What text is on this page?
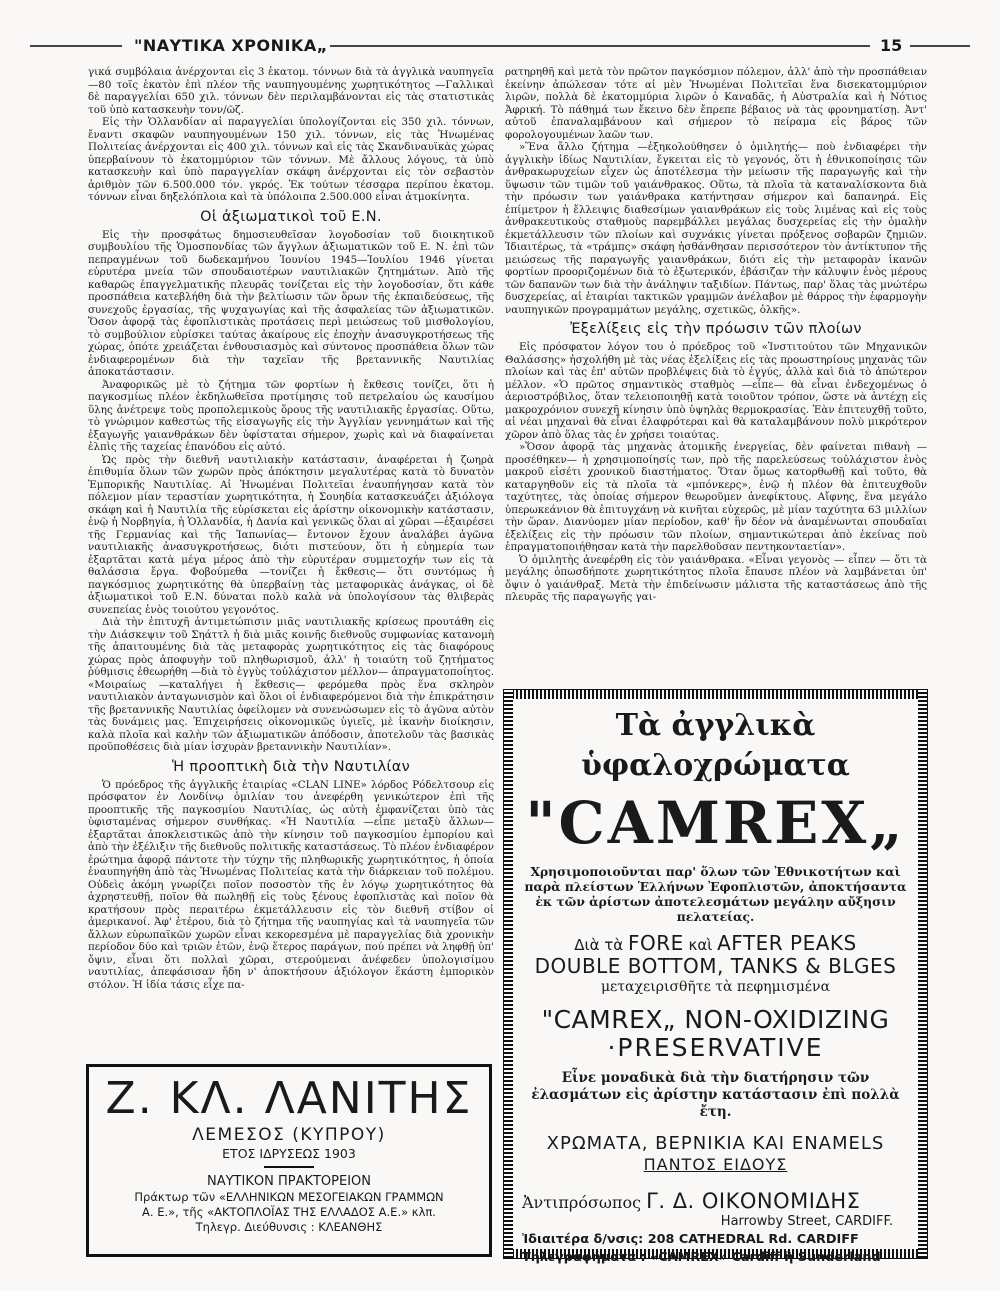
"ΝΑΥΤΙΚΑ ΧΡΟΝΙΚΑ„	15

γικά συμβόλαια ἀνέρχονται εἰς 3 ἑκατομ. τόννων διὰ τὰ ἀγγλικὰ ναυπηγεῖα —80 τοῖς ἑκατὸν ἐπὶ πλέον τῆς ναυπηγουμένης χωρητικότητος —Γαλλικαὶ δὲ παραγγελίαι 650 χιλ. τόννων δὲν περιλαμβάνονται εἰς τὰς στατιστικὰς τοῦ ὑπὸ κατασκευὴν τονν/ῶζ.

Εἰς τὴν Ὁλλανδίαν αἱ παραγγελίαι ὑπολογίζονται εἰς 350 χιλ. τόννων, ἔναντι σκαφῶν ναυπηγουμένων 150 χιλ. τόννων, εἰς τὰς Ἡνωμένας Πολιτείας ἀνέρχονται εἰς 400 χιλ. τόννων καὶ εἰς τὰς Σκανδιναυϊκὰς χώρας ὑπερβαίνουν τὸ ἑκατομμύριον τῶν τόννων. Μὲ ἄλλους λόγους, τὰ ὑπὸ κατασκευὴν καὶ ὑπὸ παραγγελίαν σκάφη ἀνέρχονται εἰς τὸν σεβαστὸν ἀριθμὸν τῶν 6.500.000 τόν. γκρός. Ἐκ τούτων τέσσαρα περίπου ἑκατομ. τόννων εἶναι δηξελόπλοια καὶ τὰ ὑπόλοιπα 2.500.000 εἶναι ἀτμοκίνητα.

Οἱ ἀξιωματικοὶ τοῦ Ε.Ν.

Εἰς τὴν προσφάτως δημοσιευθεῖσαν λογοδοσίαν τοῦ διοικητικοῦ συμβουλίου τῆς Ὁμοσπονδίας τῶν ἄγγλων ἀξιωματικῶν τοῦ Ε. Ν. ἐπὶ τῶν πεπραγμένων τοῦ δωδεκαμήνου Ἰουνίου 1945—Ἰουλίου 1946 γίνεται εὐρυτέρα μνεία τῶν σπουδαιοτέρων ναυτιλιακῶν ζητημάτων. Ἀπὸ τῆς καθαρῶς ἐπαγγελματικῆς πλευρᾶς τονίζεται εἰς τὴν λογοδοσίαν, ὅτι κάθε προσπάθεια κατεβλήθη διὰ τὴν βελτίωσιν τῶν ὅρων τῆς ἐκπαιδεύσεως, τῆς συνεχοῦς ἐργασίας, τῆς ψυχαγωγίας καὶ τῆς ἀσφαλείας τῶν ἀξιωματικῶν. Ὅσον ἀφορᾷ τὰς ἐφοπλιστικὰς προτάσεις περὶ μειώσεως τοῦ μισθολογίου, τὸ συμβούλιον εὑρίσκει ταύτας ἀκαίρους εἰς ἐποχὴν ἀνασυγκροτήσεως τῆς χώρας, ὁπότε χρειάζεται ἐνθουσιασμὸς καὶ σύντονος προσπάθεια ὅλων τῶν ἐνδιαφερομένων διὰ τὴν ταχεῖαν τῆς βρεταννικῆς Ναυτιλίας ἀποκατάστασιν.

Ἀναφορικῶς μὲ τὸ ζήτημα τῶν φορτίων ἡ ἔκθεσις τονίζει, ὅτι ἡ παγκοσμίως πλέον ἐκδηλωθεῖσα προτίμησις τοῦ πετρελαίου ὡς καυσίμου ὕλης ἀνέτρεψε τοὺς προπολεμικοὺς ὅρους τῆς ναυτιλιακῆς ἐργασίας. Οὕτω, τὸ γνώριμον καθεστὼς τῆς εἰσαγωγῆς εἰς τὴν Ἀγγλίαν γεννημάτων καὶ τῆς ἐξαγωγῆς γαιανθράκων δὲν ὑφίσταται σήμερον, χωρὶς καὶ νὰ διαφαίνεται ἐλπὶς τῆς ταχείας ἐπανόδου εἰς αὐτό.

Ὡς πρὸς τὴν διεθνῆ ναυτιλιακὴν κατάστασιν, ἀναφέρεται ἡ ζωηρὰ ἐπιθυμία ὅλων τῶν χωρῶν πρὸς ἀπόκτησιν μεγαλυτέρας κατὰ τὸ δυνατὸν Ἐμπορικῆς Ναυτιλίας. Αἱ Ἡνωμέναι Πολιτεῖαι ἐναυπήγησαν κατὰ τὸν πόλεμον μίαν τεραστίαν χωρητικότητα, ἡ Σουηδία κατασκευάζει ἀξιόλογα σκάφη καὶ ἡ Ναυτιλία τῆς εὑρίσκεται εἰς ἀρίστην οἰκονομικὴν κατάστασιν, ἐνῷ ἡ Νορβηγία, ἡ Ὁλλανδία, ἡ Δανία καὶ γενικῶς ὅλαι αἱ χῶραι —ἐξαιρέσει τῆς Γερμανίας καὶ τῆς Ἰαπωνίας— ἔντονον ἔχουν ἀναλάβει ἀγῶνα ναυτιλιακῆς ἀνασυγκροτήσεως, διότι πιστεύουν, ὅτι ἡ εὐημερία των ἐξαρτᾶται κατὰ μέγα μέρος ἀπὸ τὴν εὐρυτέραν συμμετοχήν των εἰς τὰ θαλάσσια ἔργα. Φοβούμεθα —τονίζει ἡ ἔκθεσις— ὅτι συντόμως ἡ παγκόσμιος χωρητικότης θὰ ὑπερβαίνῃ τὰς μεταφορικὰς ἀνάγκας, οἱ δὲ ἀξιωματικοὶ τοῦ Ε.Ν. δύναται πολὺ καλὰ νὰ ὑπολογίσουν τὰς θλιβερὰς συνεπείας ἑνὸς τοιούτου γεγονότος.

Διὰ τὴν ἐπιτυχῆ ἀντιμετώπισιν μιᾶς ναυτιλιακῆς κρίσεως προυτάθη εἰς τὴν Διάσκεψιν τοῦ Σηάττλ ἡ διὰ μιᾶς κοινῆς διεθνοῦς συμφωνίας κατανομὴ τῆς ἀπαιτουμένης διὰ τὰς μεταφορὰς χωρητικότητος εἰς τὰς διαφόρους χώρας πρὸς ἀποφυγὴν τοῦ πληθωρισμοῦ, ἀλλ' ἡ τοιαύτη τοῦ ζητήματος ῥύθμισις ἐθεωρήθη —διὰ τὸ ἐγγὺς τοὐλάχιστον μέλλον— ἀπραγματοποίητος. «Μοιραίως —καταλήγει ἡ ἔκθεσις— φερόμεθα πρὸς ἕνα σκληρὸν ναυτιλιακὸν ἀνταγωνισμὸν καὶ ὅλοι οἱ ἐνδιαφερόμενοι διὰ τὴν ἐπικράτησιν τῆς βρεταννικῆς Ναυτιλίας ὀφείλομεν νὰ συνενώσωμεν εἰς τὸ ἀγῶνα αὐτὸν τὰς δυνάμεις μας. Ἐπιχειρήσεις οἰκονομικῶς ὑγιεῖς, μὲ ἱκανὴν διοίκησιν, καλὰ πλοῖα καὶ καλὴν τῶν ἀξιωματικῶν ἀπόδοσιν, ἀποτελοῦν τὰς βασικὰς προϋποθέσεις διὰ μίαν ἰσχυρὰν βρεταννικὴν Ναυτιλίαν».

Ἡ προοπτικὴ διὰ τὴν Ναυτιλίαν

Ὁ πρόεδρος τῆς ἀγγλικῆς ἑταιρίας «CLAN LINE» λόρδος Ρόδελτσουρ εἰς πρόσφατον ἐν Λονδίνῳ ὁμιλίαν του ἀνεφέρθη γενικώτερον ἐπὶ τῆς προοπτικῆς τῆς παγκοσμίου Ναυτιλίας, ὡς αὐτὴ ἐμφανίζεται ὑπὸ τὰς ὑφισταμένας σήμερον συνθήκας. «Ἡ Ναυτιλία —εἶπε μεταξὺ ἄλλων— ἐξαρτᾶται ἀποκλειστικῶς ἀπὸ τὴν κίνησιν τοῦ παγκοσμίου ἐμπορίου καὶ ἀπὸ τὴν ἐξέλιξιν τῆς διεθνοῦς πολιτικῆς καταστάσεως. Τὸ πλέον ἐνδιαφέρον ἐρώτημα ἀφορᾷ πάντοτε τὴν τύχην τῆς πληθωρικῆς χωρητικότητος, ἡ ὁποία ἐναυπηγήθη ἀπὸ τὰς Ἡνωμένας Πολιτείας κατὰ τὴν διάρκειαν τοῦ πολέμου. Οὐδεὶς ἀκόμη γνωρίζει ποῖον ποσοστὸν τῆς ἐν λόγῳ χωρητικότητος θὰ ἀχρηστευθῇ, ποῖον θὰ πωληθῇ εἰς τοὺς ξένους ἐφοπλιστὰς καὶ ποῖον θὰ κρατήσουν πρὸς περαιτέρω ἐκμετάλλευσιν εἰς τὸν διεθνῆ στίβον οἱ ἀμερικανοί. Ἀφ' ἑτέρου, διὰ τὸ ζήτημα τῆς ναυπηγίας καὶ τὰ ναυπηγεῖα τῶν ἄλλων εὑρωπαϊκῶν χωρῶν εἶναι κεκορεσμένα μὲ παραγγελίας διὰ χρονικὴν περίοδον δύο καὶ τριῶν ἐτῶν, ἐνῷ ἕτερος παράγων, πού πρέπει νὰ ληφθῇ ὑπ' ὄψιν, εἶναι ὅτι πολλαὶ χῶραι, στερούμεναι ἀνέφεδεν ὑπολογισίμου ναυτιλίας, ἀπεφάσισαν ἤδη ν' ἀποκτήσουν ἀξιόλογον ἕκάστη ἐμπορικὸν στόλον. Ἡ ἰδία τάσις εἶχε πα-

ρατηρηθῆ καὶ μετὰ τὸν πρῶτον παγκόσμιον πόλεμον, ἀλλ' ἀπὸ τὴν προσπάθειαν ἐκείνην ἀπώλεσαν τότε αἱ μὲν Ἡνωμέναι Πολιτεῖαι ἕνα δισεκατομμύριον λιρῶν, πολλὰ δὲ ἑκατομμύρια λιρῶν ὁ Καναδᾶς, ἡ Αὐστραλία καὶ ἡ Νότιος Ἀφρική. Τὸ πάθημά των ἔκεινο δὲν ἔπρεπε βέβαιος νὰ τὰς φρονηματίσῃ. Ἀντ' αὐτοῦ ἐπαναλαμβάνουν καὶ σήμερον τὸ πείραμα εἰς βάρος τῶν φορολογουμένων λαῶν των.

»Ἕνα ἄλλο ζήτημα —ἐξηκολούθησεν ὁ ὁμιλητής— ποὺ ἐνδιαφέρει τὴν ἀγγλικὴν ἰδίως Ναυτιλίαν, ἔγκειται εἰς τὸ γεγονός, ὅτι ἡ ἐθνικοποίησις τῶν ἀνθρακωρυχείων εἶχεν ὡς ἀποτέλεσμα τὴν μείωσιν τῆς παραγωγῆς καὶ τὴν ὕψωσιν τῶν τιμῶν τοῦ γαιάνθρακος. Οὕτω, τὰ πλοῖα τὰ καταναλίσκοντα διὰ τὴν πρόωσιν των γαιάνθρακα κατήντησαν σήμερον καὶ δαπανηρά. Εἰς ἐπίμετρον ἡ ἔλλειψις διαθεσίμων γαιανθράκων εἰς τοὺς λιμένας καὶ εἰς τοὺς ἀνθρακευτικοὺς σταθμοὺς παρεμβάλλει μεγάλας δυσχερείας εἰς τὴν ὁμαλὴν ἐκμετάλλευσιν τῶν πλοίων καὶ συχνάκις γίνεται πρόξενος σοβαρῶν ζημιῶν. Ἰδιαιτέρως, τὰ «τράμπς» σκάφη ἠσθάνθησαν περισσότερον τὸν ἀντίκτυπον τῆς μειώσεως τῆς παραγωγῆς γαιανθράκων, διότι εἰς τὴν μεταφορὰν ἱκανῶν φορτίων προοριζομένων διὰ τὸ ἐξωτερικόν, ἐβάσιζαν τὴν κάλυψιν ἑνὸς μέρους τῶν δαπανῶν των διὰ τὴν ἀνάληψιν ταξιδίων. Πάντως, παρ' ὅλας τὰς μνώτέρω δυσχερείας, αἱ ἑταιρίαι τακτικῶν γραμμῶν ἀνέλαβον μὲ θάρρος τὴν ἐφαρμογὴν ναυπηγικῶν προγραμμάτων μεγάλης, σχετικῶς, ὁλκῆς».

Ἐξελίξεις εἰς τὴν πρόωσιν τῶν πλοίων

Εἰς πρόσφατον λόγον του ὁ πρόεδρος τοῦ «Ἰνστιτούτου τῶν Μηχανικῶν Θαλάσσης» ἠσχολήθη μὲ τὰς νέας ἐξελίξεις εἰς τὰς προωστηρίους μηχανὰς τῶν πλοίων καὶ τὰς ἐπ' αὐτῶν προβλέψεις διὰ τὸ ἐγγύς, ἀλλὰ καὶ διὰ τὸ ἀπώτερον μέλλον. «Ὁ πρῶτος σημαντικὸς σταθμὸς —εἶπε— θὰ εἶναι ἐνδεχομένως ὁ ἀεριοστρόβιλος, ὅταν τελειοποιηθῇ κατὰ τοιοῦτον τρόπον, ὥστε νὰ ἀντέχῃ εἰς μακροχρόνιον συνεχῆ κίνησιν ὑπὸ ὑψηλὰς θερμοκρασίας. Ἐὰν ἐπιτευχθῇ τοῦτο, αἱ νέαι μηχαναὶ θὰ εἶναι ἐλαφρότεραι καὶ θὰ καταλαμβάνουν πολὺ μικρότερον χῶρον ἀπὸ ὅλας τὰς ἐν χρήσει τοιαύτας.

»Ὅσον ἀφορᾷ τὰς μηχανὰς ἀτομικῆς ἐνεργείας, δὲν φαίνεται πιθανὴ —προσέθηκεν— ἡ χρησιμοποίησίς των, πρὸ τῆς παρελεύσεως τοὐλάχιστον ἑνὸς μακροῦ εἰσέτι χρονικοῦ διαστήματος. Ὅταν ὅμως κατορθωθῇ καὶ τοῦτο, θὰ καταργηθοῦν εἰς τὰ πλοῖα τὰ «μπόνκερς», ἐνῷ ἡ πλέον θὰ ἐπιτευχθοῦν ταχύτητες, τὰς ὁποίας σήμερον θεωροῦμεν ἀνεφίκτους. Αἴφνης, ἕνα μεγάλο ὑπερωκεάνιον θὰ ἐπιτυγχάνῃ νὰ κινῆται εὐχερῶς, μὲ μίαν ταχύτητα 63 μιλλίων τὴν ὥραν. Διανύομεν μίαν περίοδον, καθ' ἣν δέον νὰ ἀναμένωνται σπουδαῖαι ἐξελίξεις εἰς τὴν πρόωσιν τῶν πλοίων, σημαντικώτεραι ἀπὸ ἐκείνας ποὺ ἐπραγματοποιήθησαν κατὰ τὴν παρελθοῦσαν πεντηκονταετίαν».

Ὁ ὁμιλητὴς ἀνεφέρθη εἰς τὸν γαιάνθρακα. «Εἶναι γεγονὸς — εἶπεν — ὅτι τὰ μεγάλης ὁπωσδήποτε χωρητικότητος πλοῖα ἔπαυσε πλέον νὰ λαμβάνεται ὑπ' ὄψιν ὁ γαιάνθραξ. Μετὰ τὴν ἐπιδείνωσιν μάλιστα τῆς καταστάσεως ἀπὸ τῆς πλευρᾶς τῆς παραγωγῆς γαι-

Ζ. ΚΛ. ΛΑΝΙΤΗΣ
ΛΕΜΕΣΟΣ (ΚΥΠΡΟΥ)
ΕΤΟΣ ΙΔΡΥΣΕΩΣ 1903
ΝΑΥΤΙΚΟΝ ΠΡΑΚΤΟΡΕΙΟΝ
Πράκτωρ τῶν «ΕΛΛΗΝΙΚΩΝ ΜΕΣΟΓΕΙΑΚΩΝ ΓΡΑΜΜΩΝ
Α. Ε.», τῆς «ΑΚΤΟΠΛΟΪΑΣ ΤΗΣ ΕΛΛΑΔΟΣ Α.Ε.» κλπ.
Τηλεγρ. Διεύθυνσις : ΚΛΕΑΝΘΗΣ
Τὰ ἀγγλικὰ ὑφαλοχρώματα
"CAMREX„
Χρησιμοποιοῦνται παρ' ὅλων τῶν Ἐθνικοτήτων καὶ παρὰ πλείστων Ἑλλήνων Ἐφοπλιστῶν, ἀποκτήσαντα ἐκ τῶν ἀρίστων ἀποτελεσμάτων μεγάλην αὔξησιν πελατείας.
Διὰ τὰ FORE καὶ AFTER PEAKS
DOUBLE BOTTOM, TANKS & BLGES
μεταχειρισθῆτε τὰ πεφημισμένα
"CAMREX„ NON-OXIDIZING
·PRESERVATIVE
Εἶνε μοναδικὰ διὰ τὴν διατήρησιν τῶν ἐλασμάτων εἰς ἀρίστην κατάστασιν ἐπὶ πολλὰ ἔτη.
ΧΡΩΜΑΤΑ, ΒΕΡΝΙΚΙΑ ΚΑΙ ENAMELS
ΠΑΝΤΟΣ ΕΙΔΟΥΣ
Ἀντιπρόσωπος Γ. Δ. ΟΙΚΟΝΟΜΙΔΗΣ
Harrowby Street, CARDIFF.
Ἰδιαιτέρα δ/νσις: 208 CATHEDRAL Rd. CARDIFF
Τηλεγραφήματα : «CAMREX» Cardiff ἢ Sunderland
